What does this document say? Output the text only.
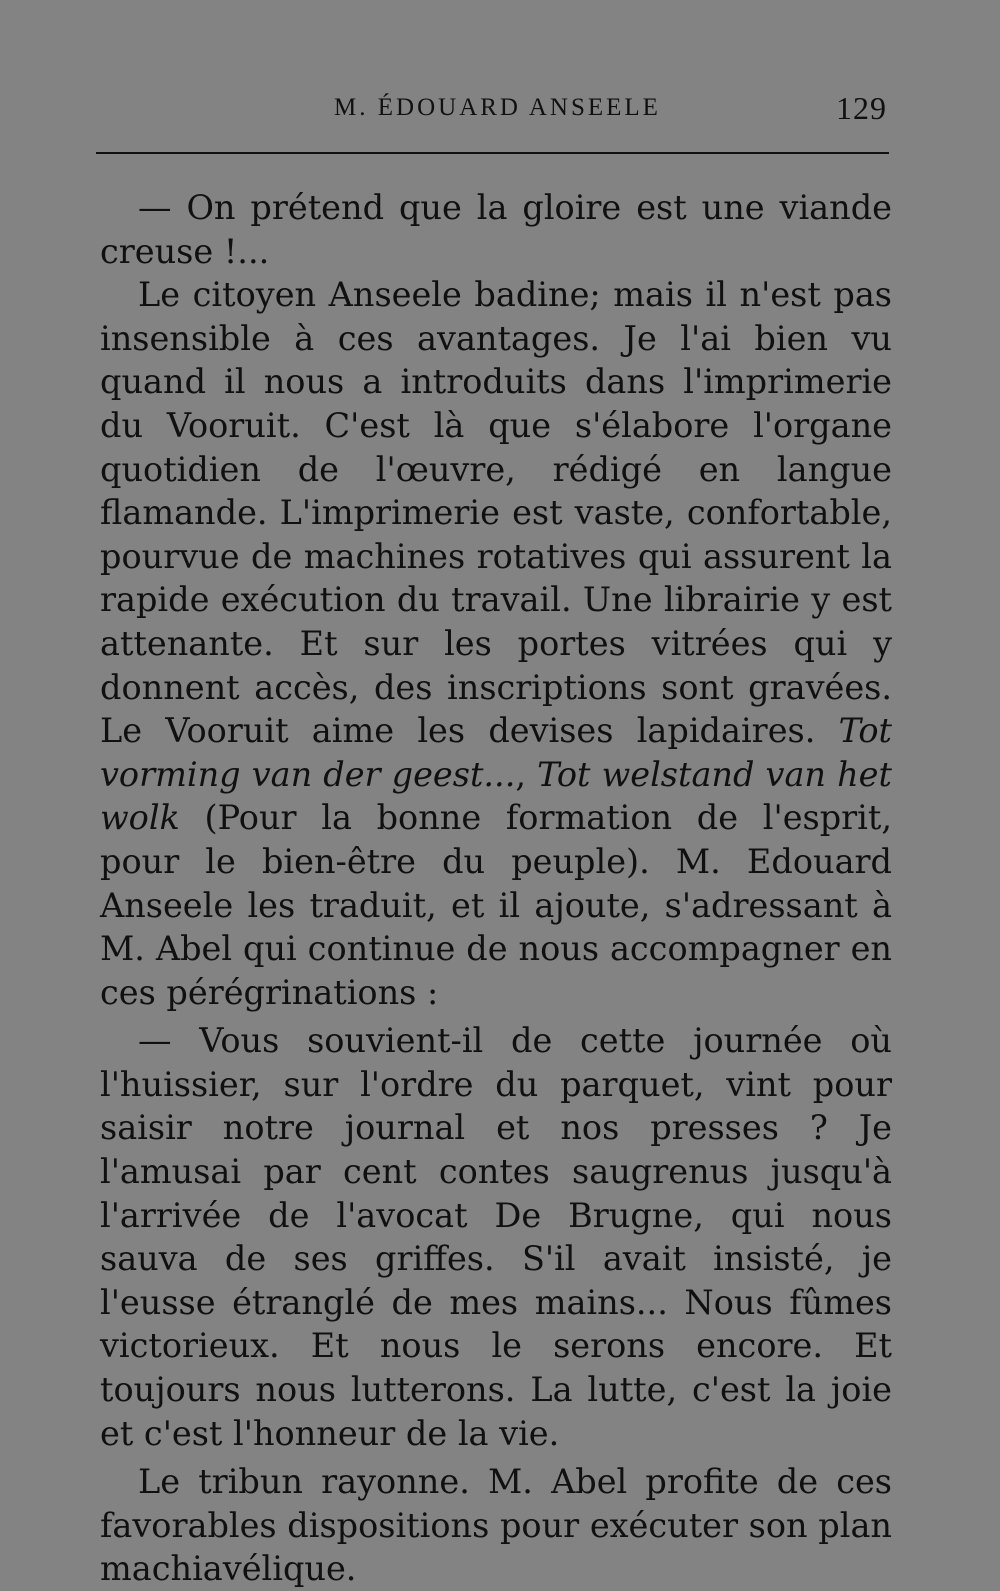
M. ÉDOUARD ANSEELE	129

— On prétend que la gloire est une viande creuse !...

Le citoyen Anseele badine; mais il n'est pas insensible à ces avantages. Je l'ai bien vu quand il nous a introduits dans l'imprimerie du Vooruit. C'est là que s'élabore l'organe quotidien de l'œuvre, rédigé en langue flamande. L'imprimerie est vaste, confortable, pourvue de machines rotatives qui assurent la rapide exécution du travail. Une librairie y est attenante. Et sur les portes vitrées qui y donnent accès, des inscriptions sont gravées. Le Vooruit aime les devises lapidaires. Tot vorming van der geest..., Tot welstand van het wolk (Pour la bonne formation de l'esprit, pour le bien-être du peuple). M. Edouard Anseele les traduit, et il ajoute, s'adressant à M. Abel qui continue de nous accompagner en ces pérégrinations :

— Vous souvient-il de cette journée où l'huissier, sur l'ordre du parquet, vint pour saisir notre journal et nos presses ? Je l'amusai par cent contes saugrenus jusqu'à l'arrivée de l'avocat De Brugne, qui nous sauva de ses griffes. S'il avait insisté, je l'eusse étranglé de mes mains... Nous fûmes victorieux. Et nous le serons encore. Et toujours nous lutterons. La lutte, c'est la joie et c'est l'honneur de la vie.

Le tribun rayonne. M. Abel profite de ces favorables dispositions pour exécuter son plan machiavélique.
